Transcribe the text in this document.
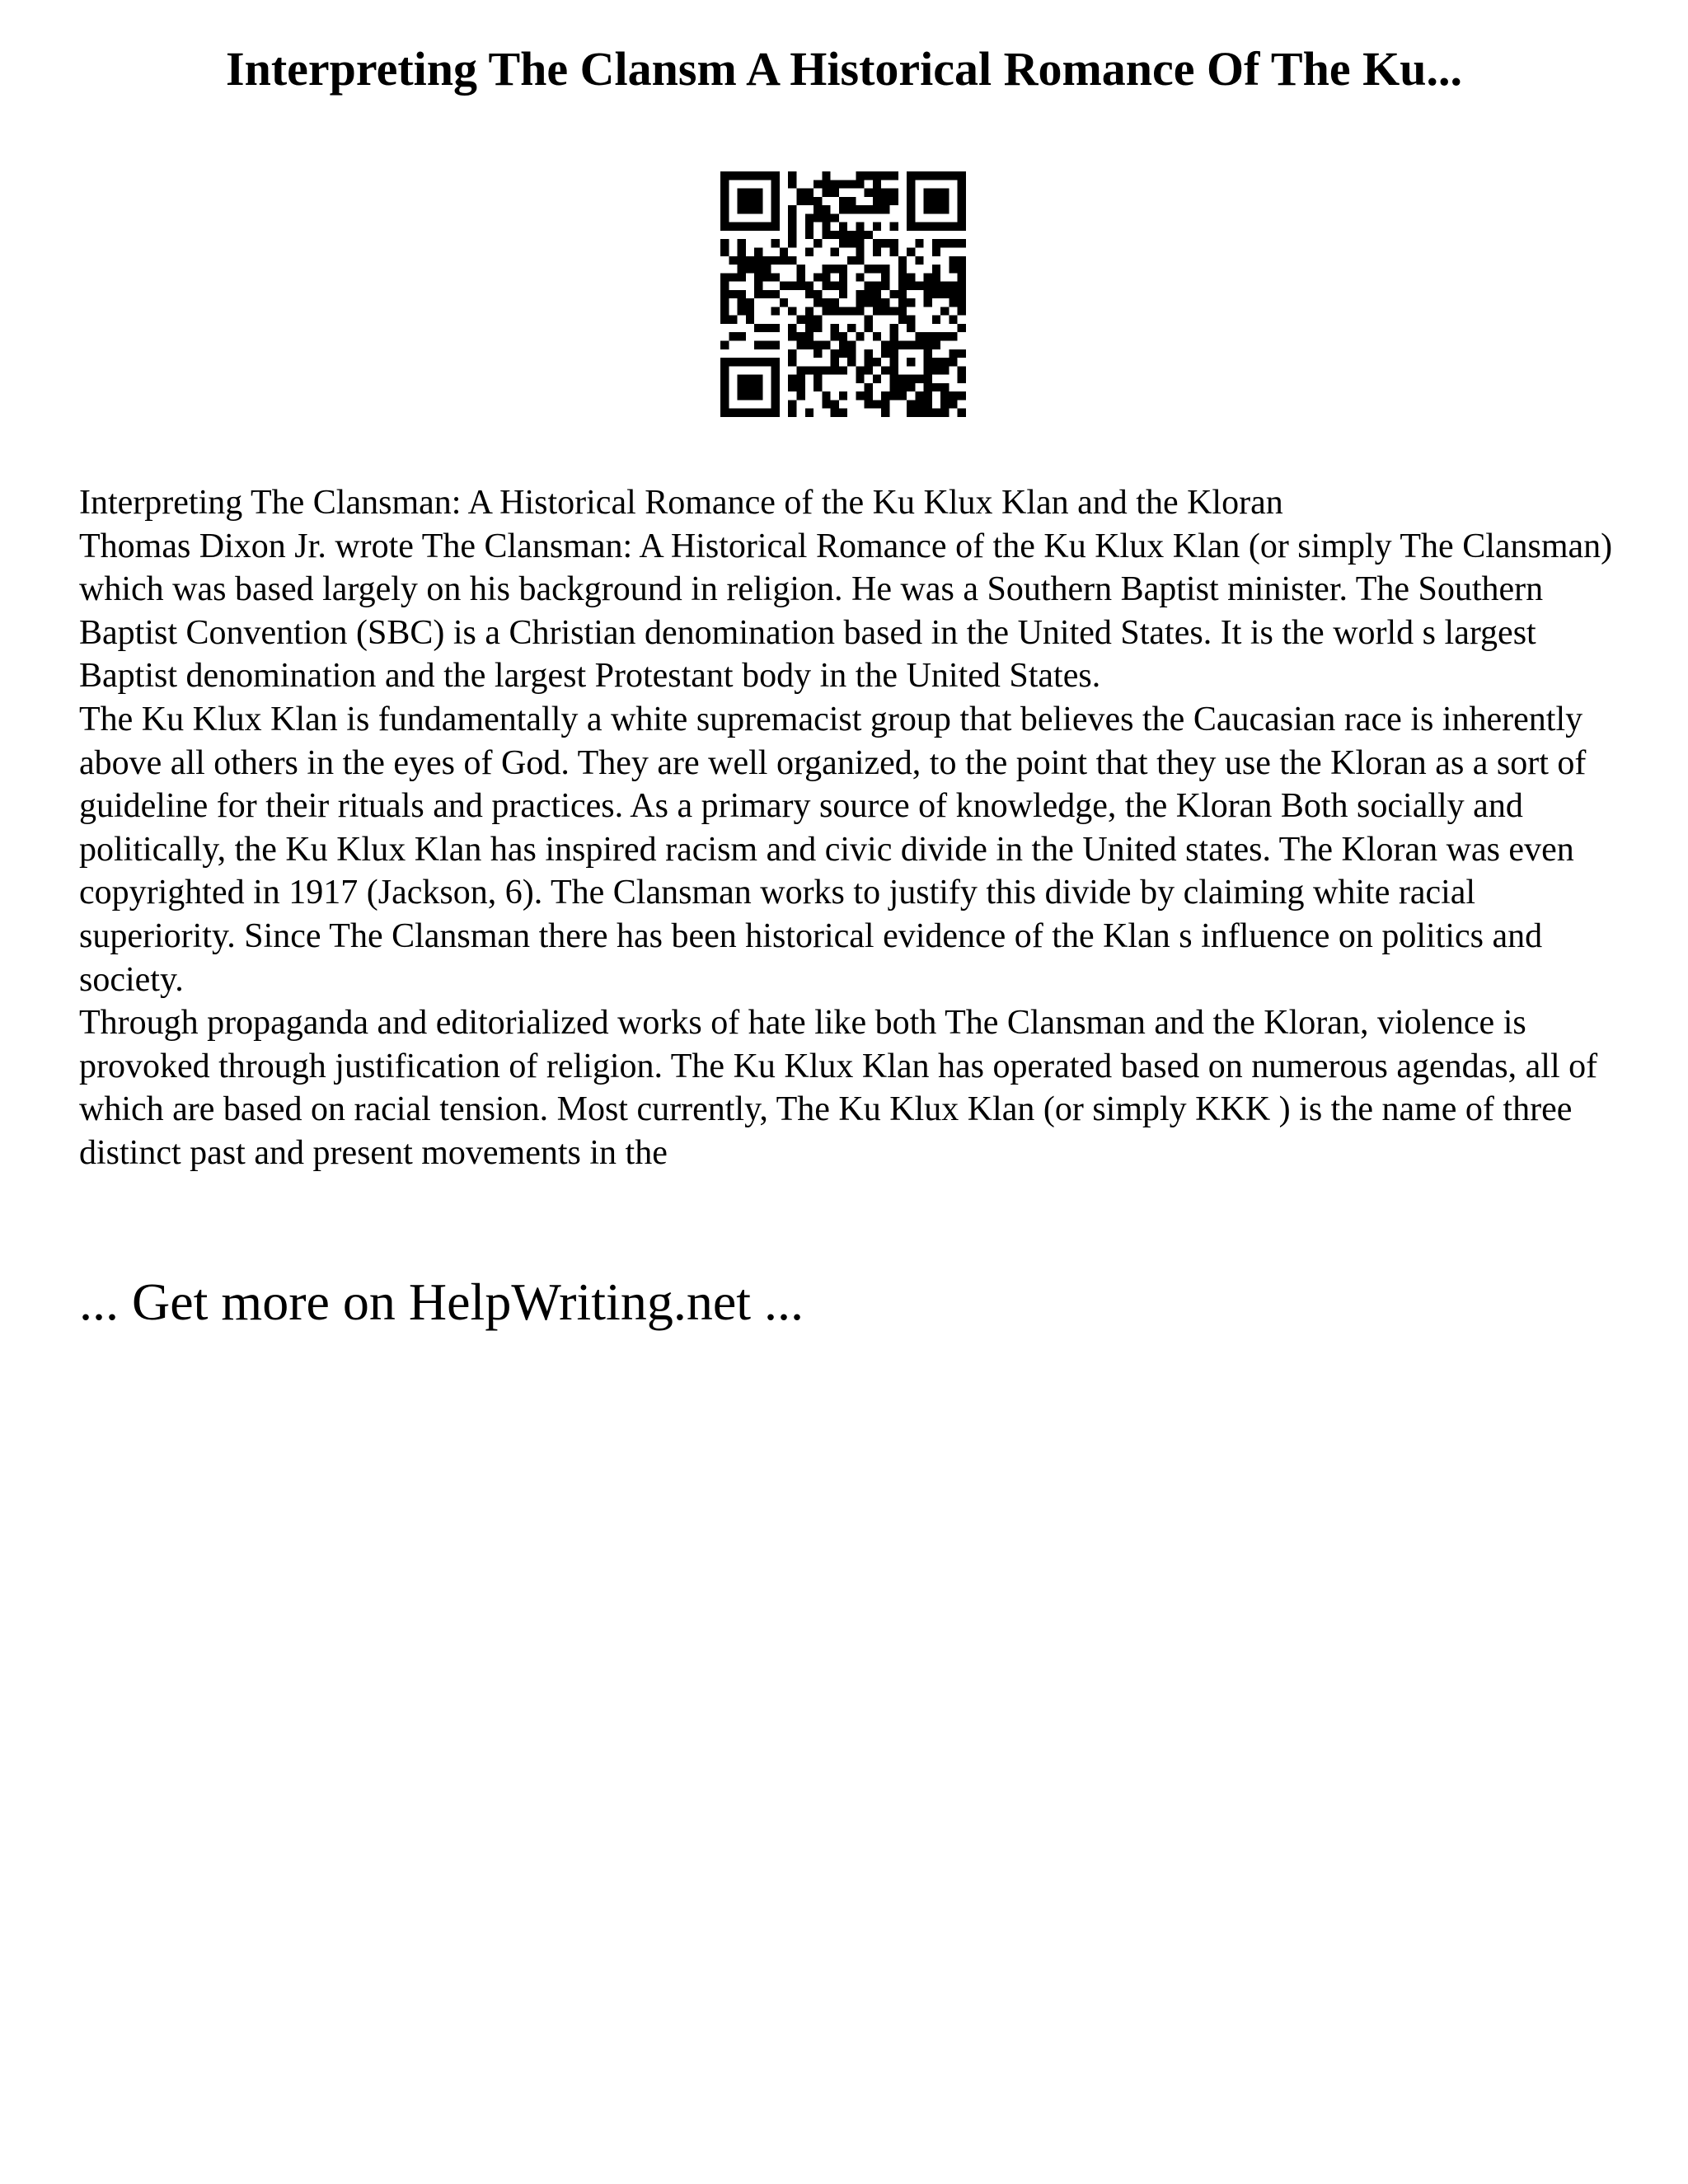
Interpreting The Clansm A Historical Romance Of The Ku...

Interpreting The Clansman: A Historical Romance of the Ku Klux Klan and the Kloran

Thomas Dixon Jr. wrote The Clansman: A Historical Romance of the Ku Klux Klan (or simply The Clansman) which was based largely on his background in religion. He was a Southern Baptist minister. The Southern Baptist Convention (SBC) is a Christian denomination based in the United States. It is the world s largest Baptist denomination and the largest Protestant body in the United States.

The Ku Klux Klan is fundamentally a white supremacist group that believes the Caucasian race is inherently above all others in the eyes of God. They are well organized, to the point that they use the Kloran as a sort of guideline for their rituals and practices. As a primary source of knowledge, the Kloran Both socially and politically, the Ku Klux Klan has inspired racism and civic divide in the United states. The Kloran was even copyrighted in 1917 (Jackson, 6). The Clansman works to justify this divide by claiming white racial superiority. Since The Clansman there has been historical evidence of the Klan s influence on politics and society.

Through propaganda and editorialized works of hate like both The Clansman and the Kloran, violence is provoked through justification of religion. The Ku Klux Klan has operated based on numerous agendas, all of which are based on racial tension. Most currently, The Ku Klux Klan (or simply KKK ) is the name of three distinct past and present movements in the

... Get more on HelpWriting.net ...
